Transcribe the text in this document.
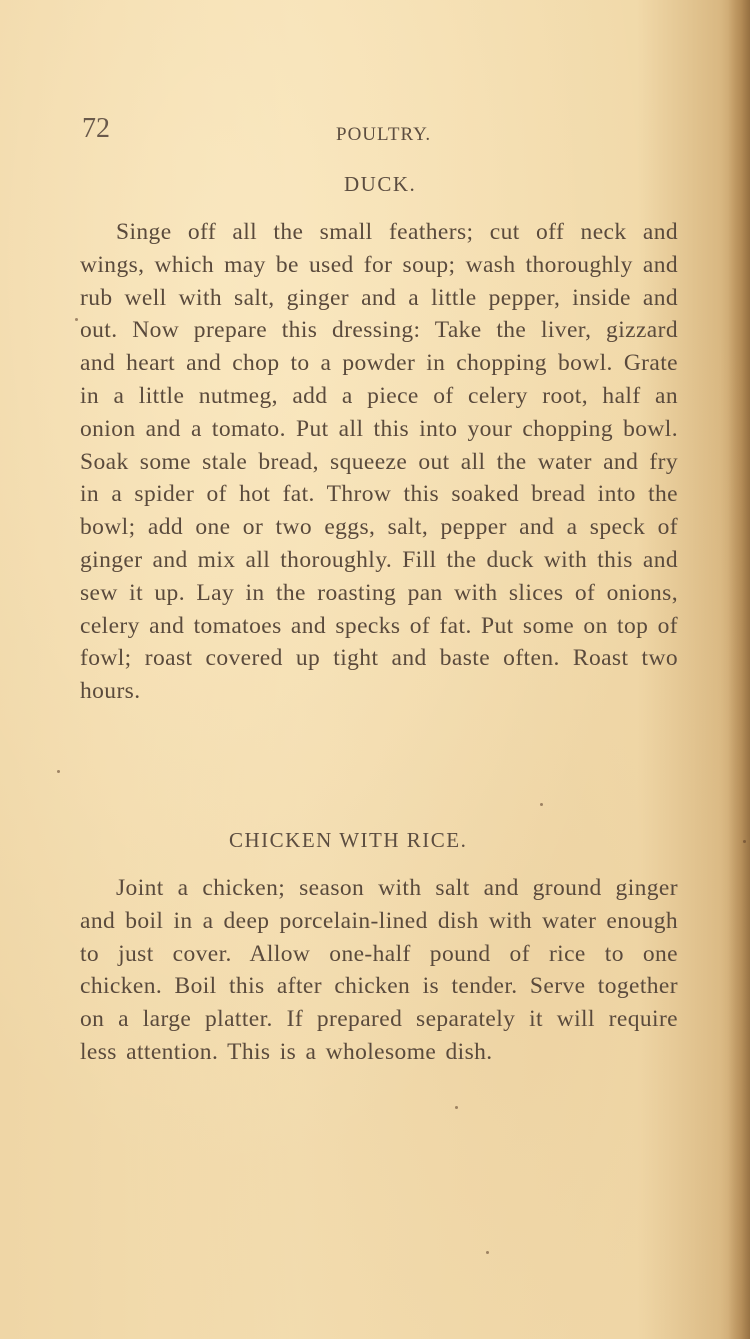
72	POULTRY.
DUCK.

Singe off all the small feathers; cut off neck and wings, which may be used for soup; wash thoroughly and rub well with salt, ginger and a little pepper, inside and out. Now prepare this dressing: Take the liver, gizzard and heart and chop to a powder in chopping bowl. Grate in a little nutmeg, add a piece of celery root, half an onion and a tomato. Put all this into your chopping bowl. Soak some stale bread, squeeze out all the water and fry in a spider of hot fat. Throw this soaked bread into the bowl; add one or two eggs, salt, pepper and a speck of ginger and mix all thoroughly. Fill the duck with this and sew it up. Lay in the roasting pan with slices of onions, celery and tomatoes and specks of fat. Put some on top of fowl; roast covered up tight and baste often. Roast two hours.

CHICKEN WITH RICE.

Joint a chicken; season with salt and ground ginger and boil in a deep porcelain-lined dish with water enough to just cover. Allow one-half pound of rice to one chicken. Boil this after chicken is tender. Serve together on a large platter. If prepared separately it will require less attention. This is a wholesome dish.
